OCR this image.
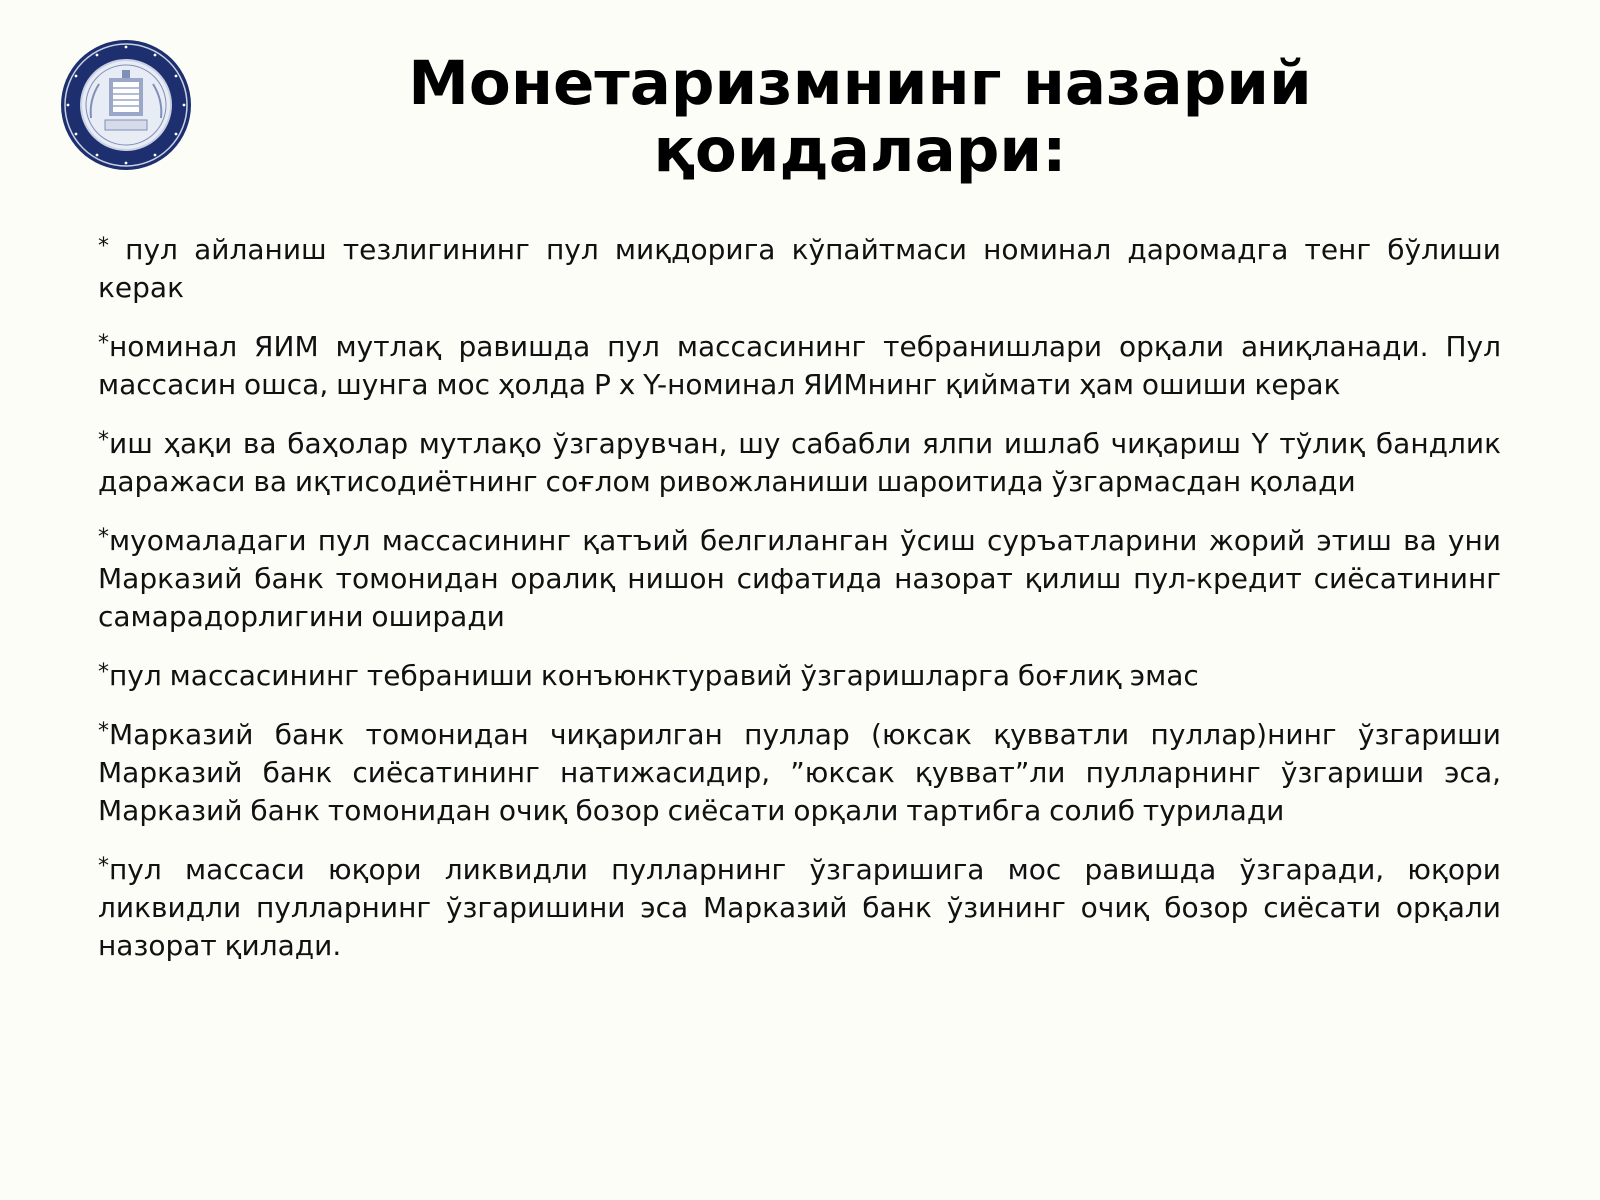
Монетаризмнинг назарий
қоидалари:

* пул айланиш тезлигининг пул миқдорига кўпайтмаси номинал даромадга тенг бўлиши керак

*номинал ЯИМ мутлақ равишда пул массасининг тебранишлари орқали аниқланади. Пул массасин ошса, шунга мос ҳолда Р х Y-номинал ЯИМнинг қиймати ҳам ошиши керак

*иш ҳақи ва баҳолар мутлақо ўзгарувчан, шу сабабли ялпи ишлаб чиқариш Y тўлиқ бандлик даражаси ва иқтисодиётнинг соғлом ривожланиши шароитида ўзгармасдан қолади

*муомаладаги пул массасининг қатъий белгиланган ўсиш суръатларини жорий этиш ва уни Марказий банк томонидан оралиқ нишон сифатида назорат қилиш пул-кредит сиёсатининг самарадорлигини оширади

*пул массасининг тебраниши конъюнктуравий ўзгаришларга боғлиқ эмас

*Марказий банк томонидан чиқарилган пуллар (юксак қувватли пуллар)нинг ўзгариши Марказий банк сиёсатининг натижасидир, ”юксак қувват”ли пулларнинг ўзгариши эса, Марказий банк томонидан очиқ бозор сиёсати орқали тартибга солиб турилади

*пул массаси юқори ликвидли пулларнинг ўзгаришига мос равишда ўзгаради, юқори ликвидли пулларнинг ўзгаришини эса Марказий банк ўзининг очиқ бозор сиёсати орқали назорат қилади.
